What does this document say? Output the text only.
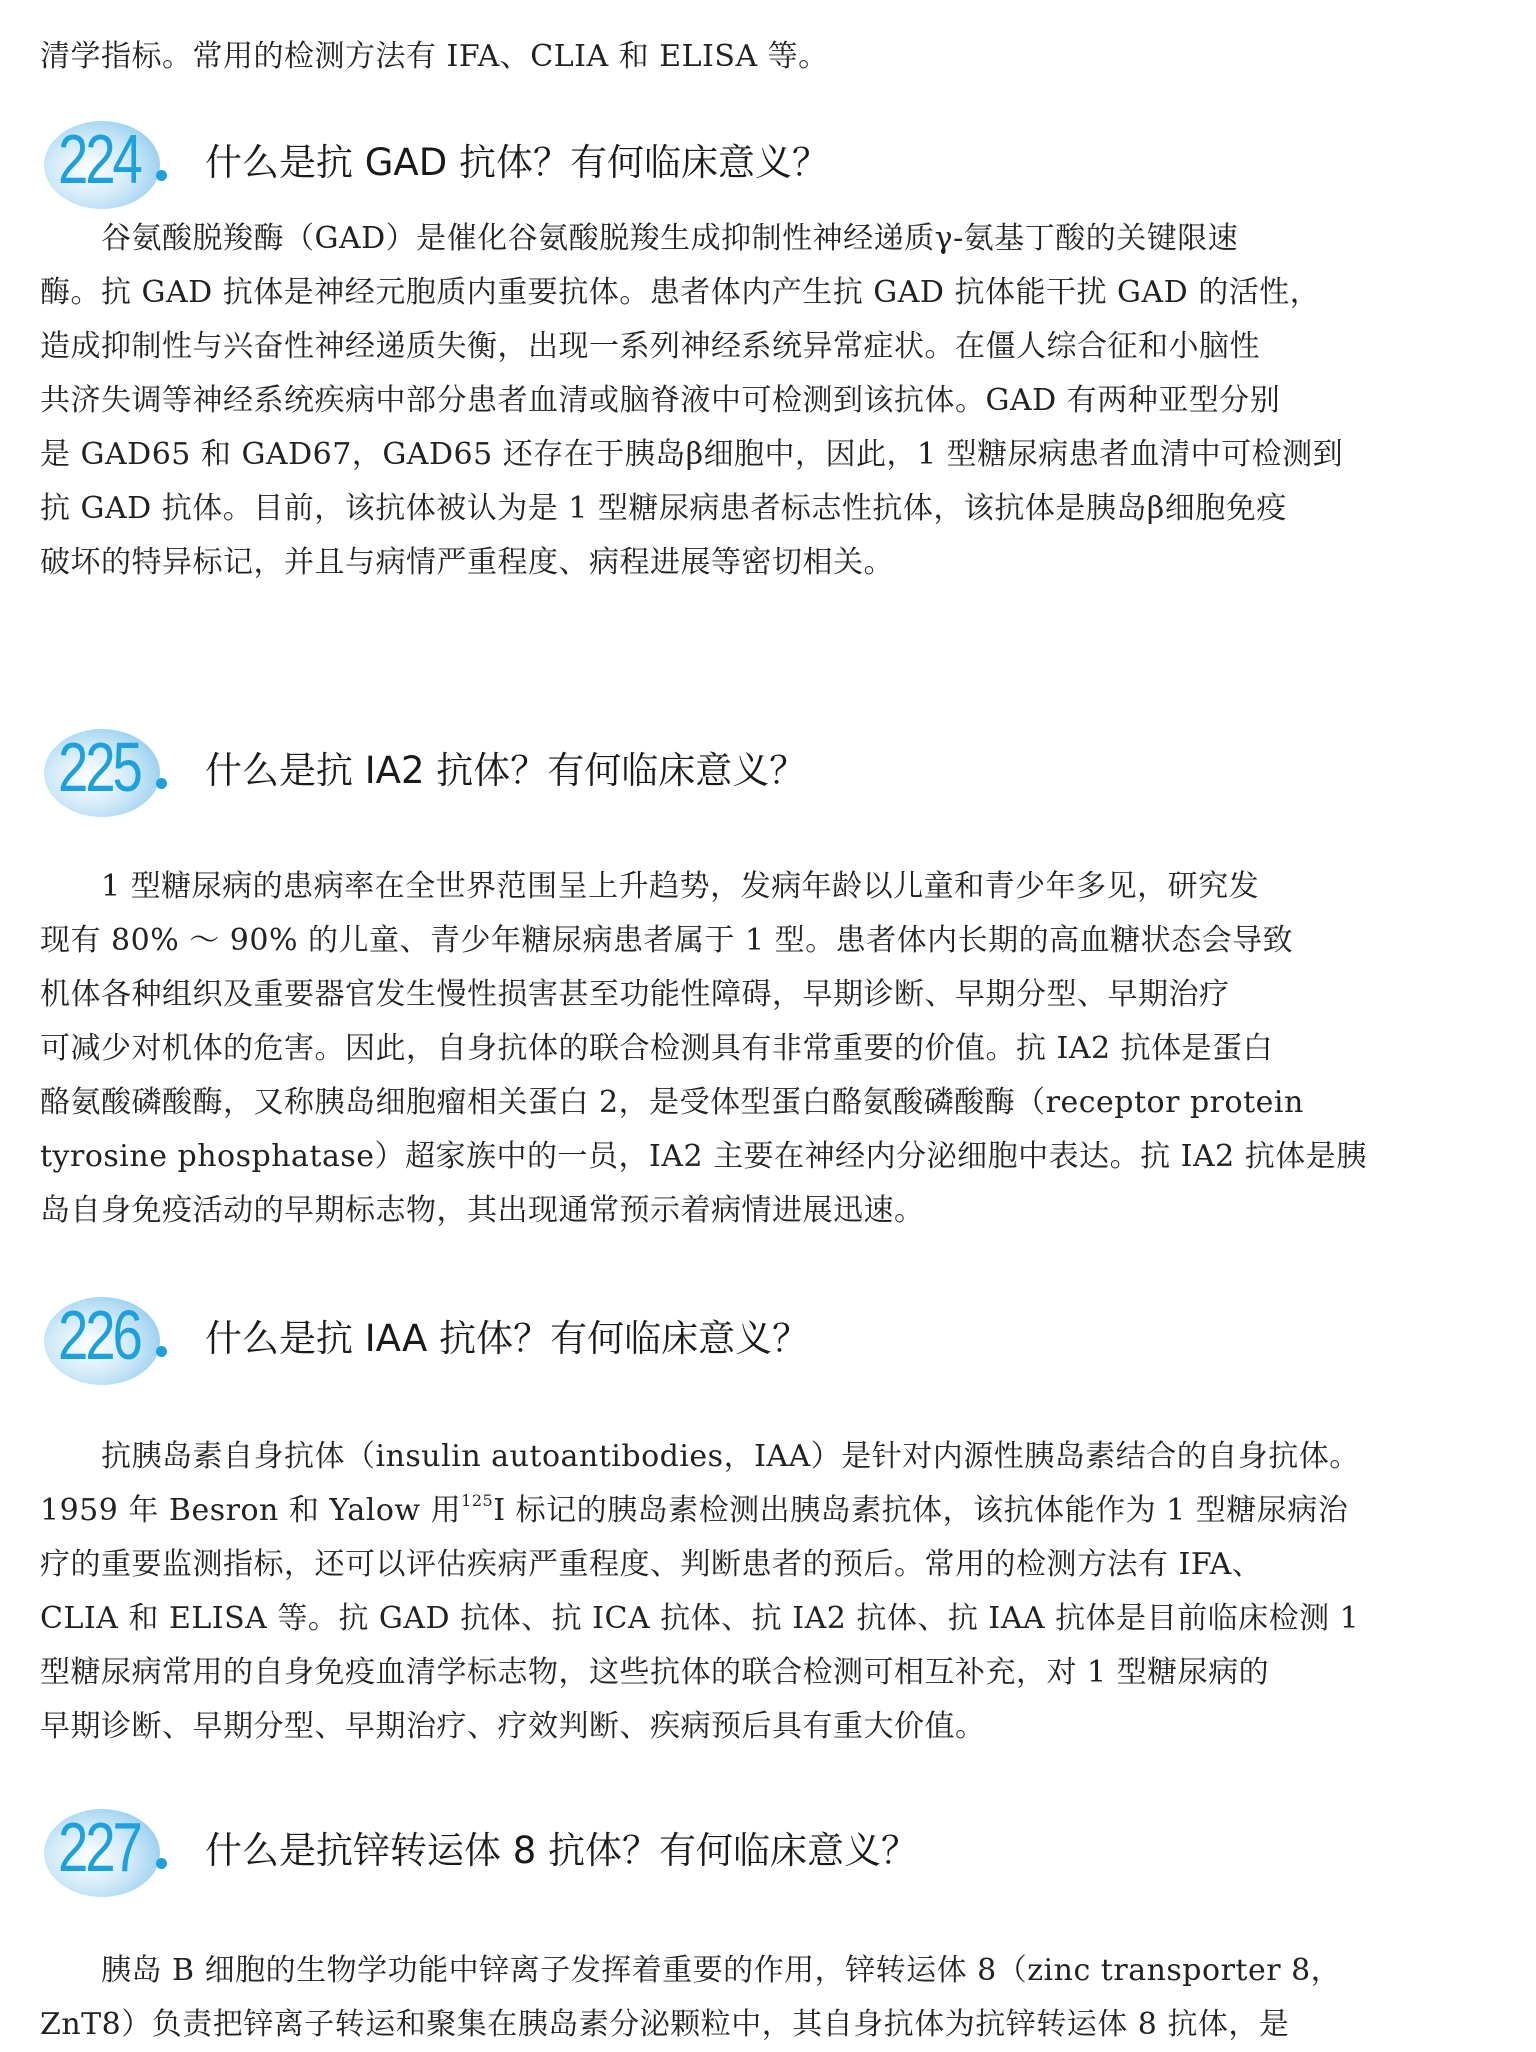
清学指标。常用的检测方法有 IFA、CLIA 和 ELISA 等。
224 什么是抗 GAD 抗体？有何临床意义？
　　谷氨酸脱羧酶（GAD）是催化谷氨酸脱羧生成抑制性神经递质γ-氨基丁酸的关键限速
酶。抗 GAD 抗体是神经元胞质内重要抗体。患者体内产生抗 GAD 抗体能干扰 GAD 的活性，
造成抑制性与兴奋性神经递质失衡，出现一系列神经系统异常症状。在僵人综合征和小脑性
共济失调等神经系统疾病中部分患者血清或脑脊液中可检测到该抗体。GAD 有两种亚型分别
是 GAD65 和 GAD67，GAD65 还存在于胰岛β细胞中，因此，1 型糖尿病患者血清中可检测到
抗 GAD 抗体。目前，该抗体被认为是 1 型糖尿病患者标志性抗体，该抗体是胰岛β细胞免疫
破坏的特异标记，并且与病情严重程度、病程进展等密切相关。
225 什么是抗 IA2 抗体？有何临床意义？
　　1 型糖尿病的患病率在全世界范围呈上升趋势，发病年龄以儿童和青少年多见，研究发
现有 80% ～ 90% 的儿童、青少年糖尿病患者属于 1 型。患者体内长期的高血糖状态会导致
机体各种组织及重要器官发生慢性损害甚至功能性障碍，早期诊断、早期分型、早期治疗
可减少对机体的危害。因此，自身抗体的联合检测具有非常重要的价值。抗 IA2 抗体是蛋白
酪氨酸磷酸酶，又称胰岛细胞瘤相关蛋白 2，是受体型蛋白酪氨酸磷酸酶（receptor protein
tyrosine phosphatase）超家族中的一员，IA2 主要在神经内分泌细胞中表达。抗 IA2 抗体是胰
岛自身免疫活动的早期标志物，其出现通常预示着病情进展迅速。
226 什么是抗 IAA 抗体？有何临床意义？
　　抗胰岛素自身抗体（insulin autoantibodies，IAA）是针对内源性胰岛素结合的自身抗体。
1959 年 Besron 和 Yalow 用$^{125}$I 标记的胰岛素检测出胰岛素抗体，该抗体能作为 1 型糖尿病治
疗的重要监测指标，还可以评估疾病严重程度、判断患者的预后。常用的检测方法有 IFA、
CLIA 和 ELISA 等。抗 GAD 抗体、抗 ICA 抗体、抗 IA2 抗体、抗 IAA 抗体是目前临床检测 1
型糖尿病常用的自身免疫血清学标志物，这些抗体的联合检测可相互补充，对 1 型糖尿病的
早期诊断、早期分型、早期治疗、疗效判断、疾病预后具有重大价值。
227 什么是抗锌转运体 8 抗体？有何临床意义？
　　胰岛 B 细胞的生物学功能中锌离子发挥着重要的作用，锌转运体 8（zinc transporter 8，
ZnT8）负责把锌离子转运和聚集在胰岛素分泌颗粒中，其自身抗体为抗锌转运体 8 抗体，是
